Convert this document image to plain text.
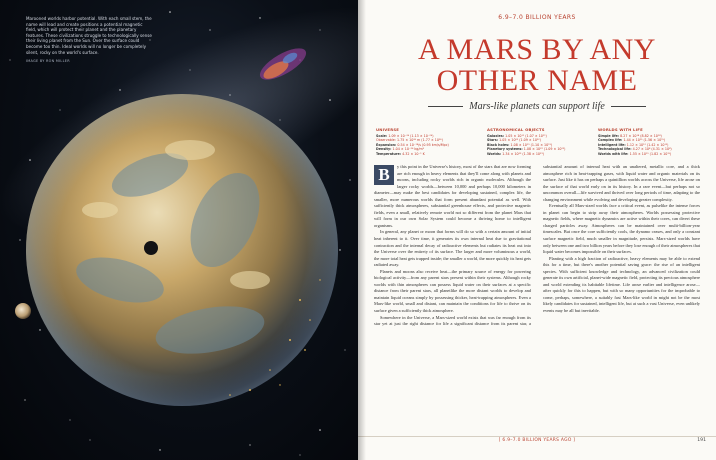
Marooned worlds harbor potential. With each small stem, the name will lead and create positions a potential magnetic field, which will protect their planet and the planetary features. These civilizations struggle to technologically sense their living planet from the Sun. Over the surface could become too thin. Ideal worlds will no longer be completely silent, rocky on the world's surface.
IMAGE BY RON MILLER
6.9–7.0 BILLION YEARS
A MARS BY ANY
OTHER NAME
Mars-like planets can support life
UNIVERSE
Scale: 1.09 × 10⁻²⁶ (1.13 × 10⁻²⁶)
Observable: 1.75 × 10²⁶ m (1.77 × 10²⁶)
Expansion: 0.54 × 10⁻¹⁸/s (0.95 km/s/Mpc)
Density: 1.04 × 10⁻²⁶ kg/m³
Temperature: 4.32 × 10⁻¹ K
ASTRONOMICAL OBJECTS
Galaxies: 1.05 × 10¹¹ (1.07 × 10¹¹)
Stars: 1.05 × 10²² (1.09 × 10²²)
Black holes: 1.08 × 10¹⁹ (1.10 × 10¹⁹)
Planetary systems: 1.08 × 10²² (1.09 × 10²²)
Worlds: 1.34 × 10²³ (1.38 × 10²³)
WORLDS WITH LIFE
Simple life: 8.27 × 10¹⁸ (8.82 × 10¹⁸)
Complex life: 1.44 × 10¹⁵ (1.56 × 10¹⁵)
Intelligent life: 1.12 × 10¹² (1.42 × 10¹²)
Technological life: 4.27 × 10⁸ (4.31 × 10⁸)
Worlds with life: 1.55 × 10¹⁹ (1.82 × 10¹⁹)

B	y this point in the Universe's history, most of the stars that are now forming are rich enough in heavy elements that they'll come along with planets and moons, including rocky worlds rich in organic molecules. Although the larger rocky worlds—between 10,000 and perhaps 10,000 kilometers in diameter—may make the best candidates for developing sustained, complex life, the smaller, more numerous worlds that form present abundant potential as well. With sufficiently thick atmospheres, substantial greenhouse effects, and protective magnetic fields, even a small, relatively remote world not so different from the planet Mars that will form in our own Solar System could become a thriving home to intelligent organisms.

In general, any planet or moon that forms will do so with a certain amount of initial heat inherent to it. Over time, it generates its own internal heat due to gravitational contraction and the internal decay of radioactive elements but radiates its heat out into the Universe over the entirety of its surface. The larger and more voluminous a world, the more total heat gets trapped inside; the smaller a world, the more quickly its heat gets radiated away.

Planets and moons also receive heat—the primary source of energy for powering biological activity—from any parent stars present within their systems. Although rocky worlds with thin atmospheres can possess liquid water on their surfaces at a specific distance from their parent stars, all planetlike the more distant worlds to develop and maintain liquid oceans simply by possessing thicker, heat-trapping atmospheres. Even a Mars-like world, small and distant, can maintain the conditions for life to thrive on its surface given a sufficiently thick atmosphere.

Somewhere in the Universe, a Mars-sized world exists that was far enough from its star yet at just the right distance for life a significant distance from its parent star, a substantial amount of internal heat with an unaltered, metallic core, and a thick atmosphere rich in heat-trapping gases, with liquid water and organic materials on its surface. Just like it has on perhaps a quintillion worlds across the Universe, life arose on the surface of that world early on in its history. In a rare event—but perhaps not so uncommon overall—life survived and thrived over long periods of time, adapting to the changing environment while evolving and developing greater complexity.

Eventually all Mars-sized worlds face a critical event, as pulselike the intense forces in planet can begin to strip away their atmospheres. Worlds possessing protective magnetic fields, where magnetic dynamics are active within their cores, can divert these charged particles away. Atmospheres can be maintained over multi-billion-year timescales. But once the core sufficiently cools, the dynamo ceases, and only a constant surface magnetic field, much smaller in magnitude, persists. Mars-sized worlds have only between one and two billion years before they lose enough of their atmospheres that liquid water becomes impossible on their surfaces.

Planting with a high fraction of radioactive, heavy elements may be able to extend this for a time, but there's another potential saving grace: the rise of an intelligent species. With sufficient knowledge and technology, an advanced civilization could generate its own artificial, planet-wide magnetic field, protecting its precious atmosphere and world extending its habitable lifetime. Life arose earlier and intelligence arose—after quickly for this to happen, but with so many opportunities for the improbable to come, perhaps, somewhere, a suitably fast Mars-like world in might not be the most likely candidates for sustained, intelligent life, but at such a vast Universe, even unlikely events may be all but inevitable.

[ 6.9–7.0 BILLION YEARS AGO ]	191
